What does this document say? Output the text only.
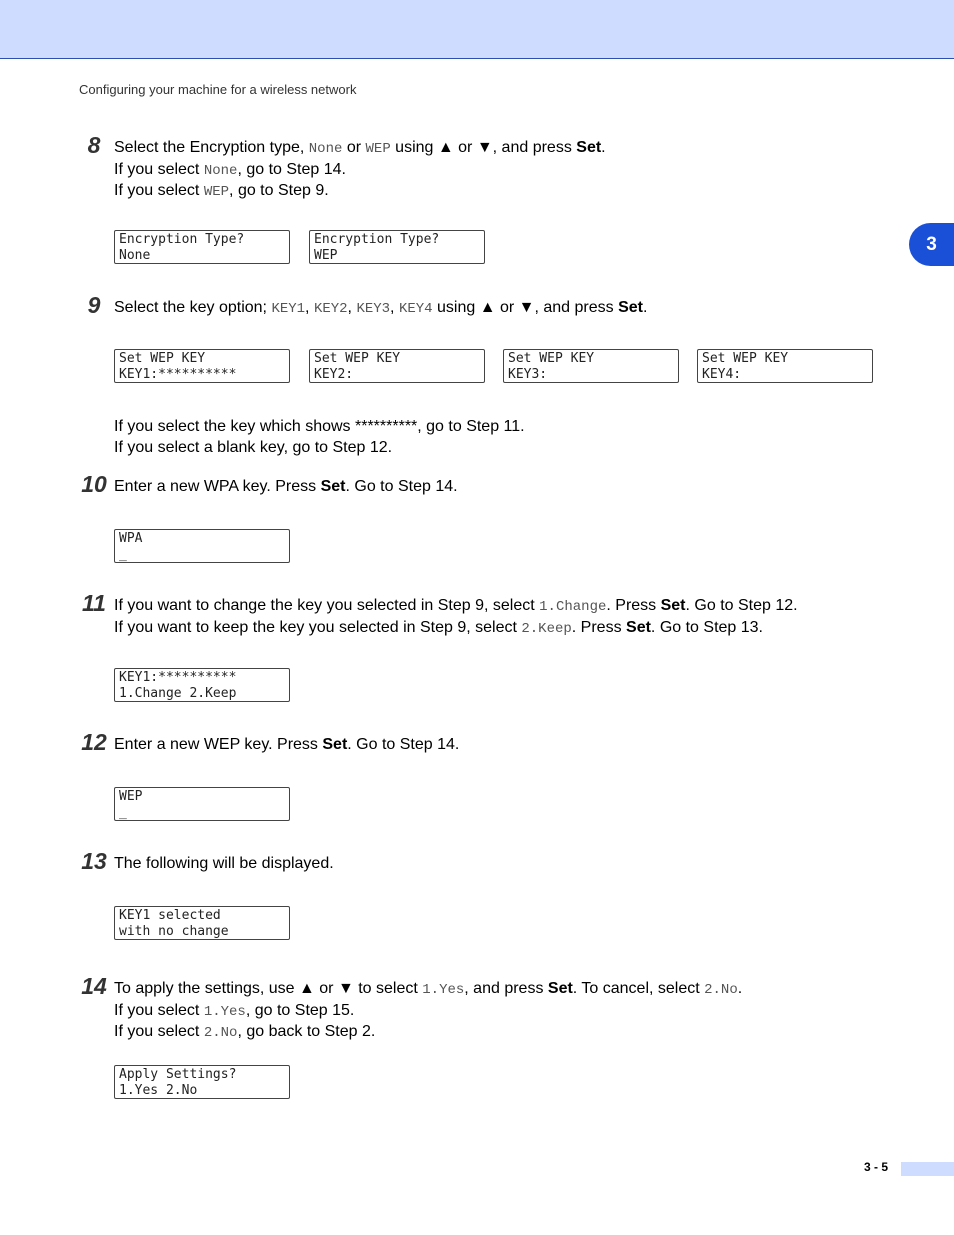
Configuring your machine for a wireless network
3
8 Select the Encryption type, None or WEP using ▲ or ▼, and press Set.
If you select None, go to Step 14.
If you select WEP, go to Step 9.
Encryption Type?
None
Encryption Type?
WEP
9 Select the key option; KEY1, KEY2, KEY3, KEY4 using ▲ or ▼, and press Set.
Set WEP KEY
KEY1:**********
Set WEP KEY
KEY2:
Set WEP KEY
KEY3:
Set WEP KEY
KEY4:
If you select the key which shows **********, go to Step 11.
If you select a blank key, go to Step 12.
10 Enter a new WPA key. Press Set. Go to Step 14.
WPA
_
11 If you want to change the key you selected in Step 9, select 1.Change. Press Set. Go to Step 12.
If you want to keep the key you selected in Step 9, select 2.Keep. Press Set. Go to Step 13.
KEY1:**********
1.Change 2.Keep
12 Enter a new WEP key. Press Set. Go to Step 14.
WEP
_
13 The following will be displayed.
KEY1 selected
with no change
14 To apply the settings, use ▲ or ▼ to select 1.Yes, and press Set. To cancel, select 2.No.
If you select 1.Yes, go to Step 15.
If you select 2.No, go back to Step 2.
Apply Settings?
1.Yes 2.No
3 - 5
